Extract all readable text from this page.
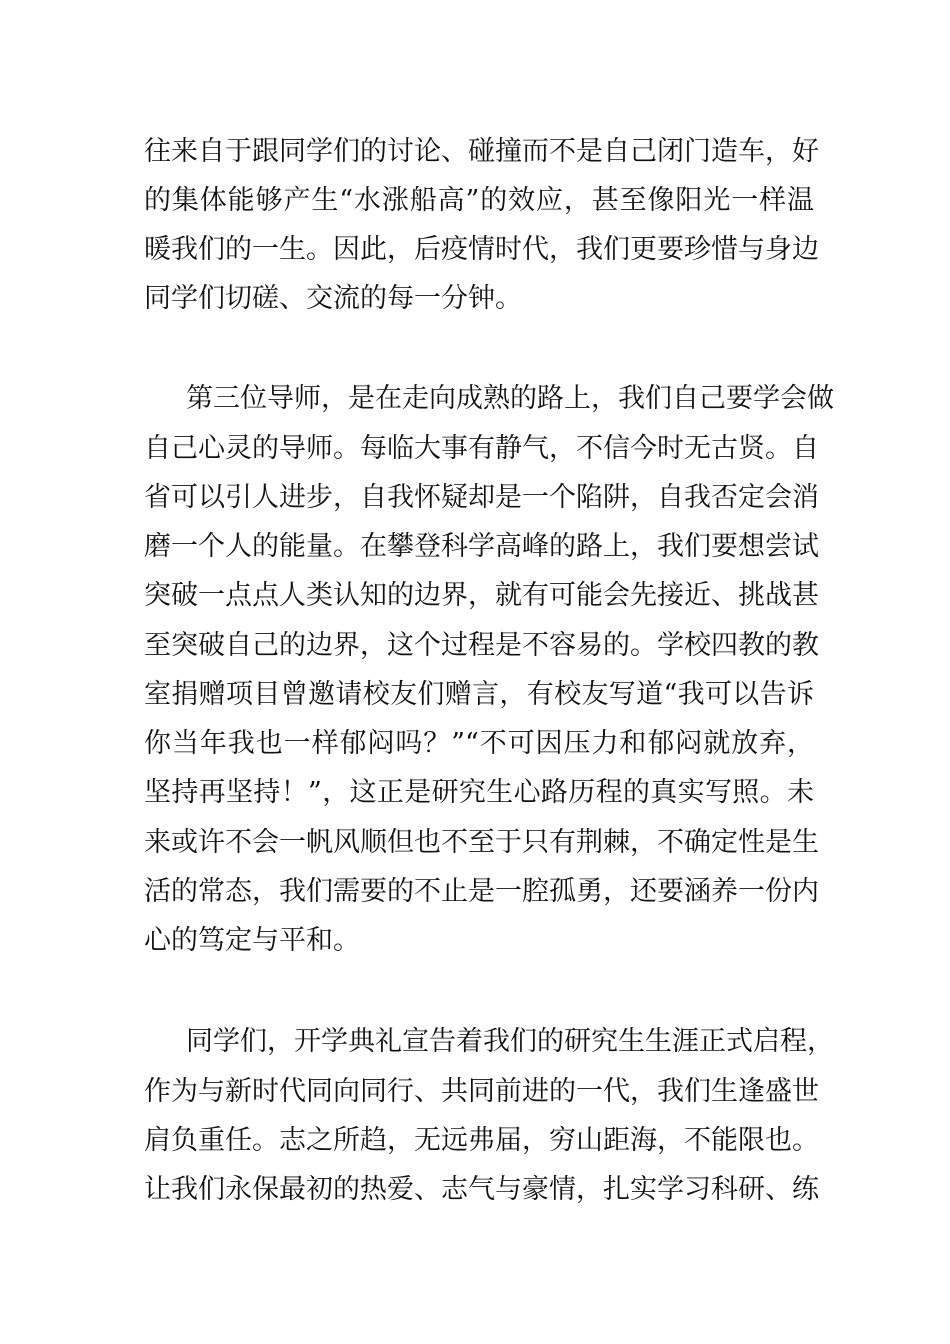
往来自于跟同学们的讨论、碰撞而不是自己闭门造车，好
的集体能够产生“水涨船高”的效应，甚至像阳光一样温
暖我们的一生。因此，后疫情时代，我们更要珍惜与身边
同学们切磋、交流的每一分钟。
第三位导师，是在走向成熟的路上，我们自己要学会做
自己心灵的导师。每临大事有静气，不信今时无古贤。自
省可以引人进步，自我怀疑却是一个陷阱，自我否定会消
磨一个人的能量。在攀登科学高峰的路上，我们要想尝试
突破一点点人类认知的边界，就有可能会先接近、挑战甚
至突破自己的边界，这个过程是不容易的。学校四教的教
室捐赠项目曾邀请校友们赠言，有校友写道“我可以告诉
你当年我也一样郁闷吗？”“不可因压力和郁闷就放弃，
坚持再坚持！”，这正是研究生心路历程的真实写照。未
来或许不会一帆风顺但也不至于只有荆棘，不确定性是生
活的常态，我们需要的不止是一腔孤勇，还要涵养一份内
心的笃定与平和。
同学们，开学典礼宣告着我们的研究生生涯正式启程，
作为与新时代同向同行、共同前进的一代，我们生逢盛世
肩负重任。志之所趋，无远弗届，穷山距海，不能限也。
让我们永保最初的热爱、志气与豪情，扎实学习科研、练
